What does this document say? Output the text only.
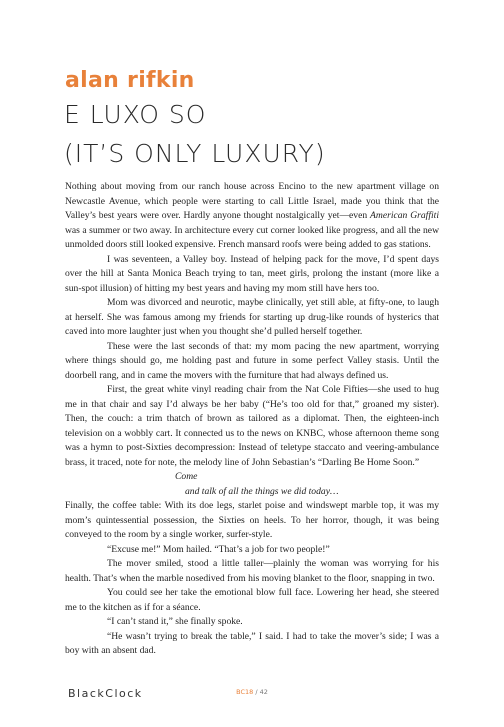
alan rifkin
E LUXO SO
(IT’S ONLY LUXURY)

Nothing about moving from our ranch house across Encino to the new apartment village on Newcastle Avenue, which people were starting to call Little Israel, made you think that the Valley’s best years were over. Hardly anyone thought nostalgically yet—even American Graffiti was a summer or two away. In architecture every cut corner looked like progress, and all the new unmolded doors still looked expensive. French mansard roofs were being added to gas stations.

I was seventeen, a Valley boy. Instead of helping pack for the move, I’d spent days over the hill at Santa Monica Beach trying to tan, meet girls, prolong the instant (more like a sun-spot illusion) of hitting my best years and having my mom still have hers too.

Mom was divorced and neurotic, maybe clinically, yet still able, at fifty-one, to laugh at herself. She was famous among my friends for starting up drug-like rounds of hysterics that caved into more laughter just when you thought she’d pulled herself together.

These were the last seconds of that: my mom pacing the new apartment, worrying where things should go, me holding past and future in some perfect Valley stasis. Until the doorbell rang, and in came the movers with the furniture that had always defined us.

First, the great white vinyl reading chair from the Nat Cole Fifties—she used to hug me in that chair and say I’d always be her baby (“He’s too old for that,” groaned my sister). Then, the couch: a trim thatch of brown as tailored as a diplomat. Then, the eighteen-inch television on a wobbly cart. It connected us to the news on KNBC, whose afternoon theme song was a hymn to post-Sixties decompression: Instead of teletype staccato and veering-ambulance brass, it traced, note for note, the melody line of John Sebastian’s “Darling Be Home Soon.”

Come

and talk of all the things we did today…

Finally, the coffee table: With its doe legs, starlet poise and windswept marble top, it was my mom’s quintessential possession, the Sixties on heels. To her horror, though, it was being conveyed to the room by a single worker, surfer-style.

“Excuse me!” Mom hailed. “That’s a job for two people!”

The mover smiled, stood a little taller—plainly the woman was worrying for his health. That’s when the marble nosedived from his moving blanket to the floor, snapping in two.

You could see her take the emotional blow full face. Lowering her head, she steered me to the kitchen as if for a séance.

“I can’t stand it,” she finally spoke.

“He wasn’t trying to break the table,” I said. I had to take the mover’s side; I was a boy with an absent dad.

BlackClock	BC18 / 42
